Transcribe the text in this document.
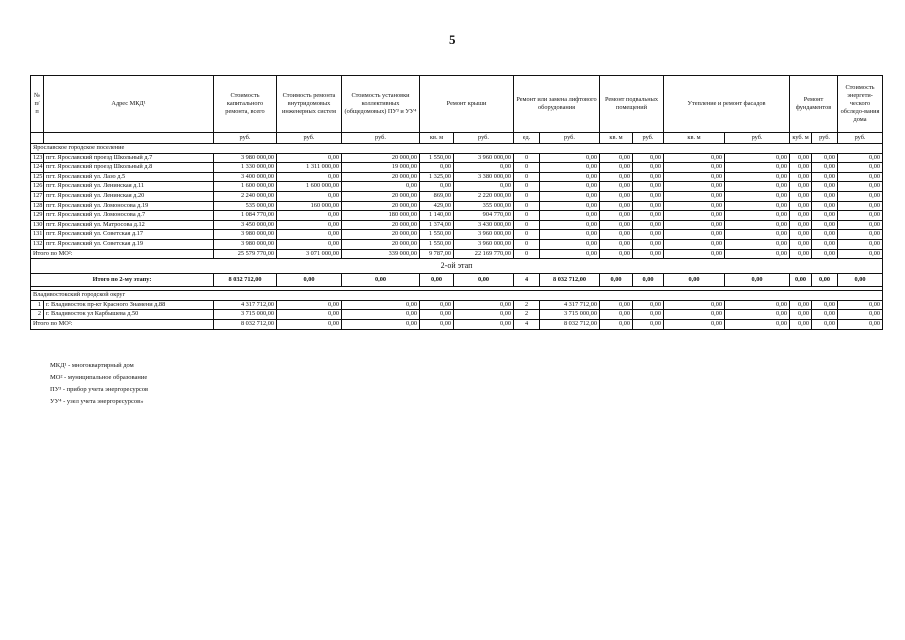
5
№ п/п	Адрес МКД¹	Стоимость капитального ремонта, всего	Стоимость ремонта внутридомовых инженерных систем	Стоимость установки коллективных (общедомовых) ПУ³ и УУ⁴	Ремонт крыши		Ремонт или замена лифтового оборудования		Ремонт подвальных помещений		Утепление и ремонт фасадов		Ремонт фундаментов		Стоимость энергети-ческого обследо-вания дома
		руб.	руб.	руб.	кв. м	руб.	ед.	руб.	кв. м	руб.	кв. м	руб.	куб. м	руб.	руб.
Ярославское городское поселение															
123	пгт. Ярославский проезд Школьный д.7	3 980 000,00	0,00	20 000,00	1 550,00	3 960 000,00	0	0,00	0,00	0,00	0,00	0,00	0,00	0,00	0,00
124	пгт. Ярославский проезд Школьный д.8	1 330 000,00	1 311 000,00	19 000,00	0,00	0,00	0	0,00	0,00	0,00	0,00	0,00	0,00	0,00	0,00
125	пгт. Ярославский ул. Лазо д.5	3 400 000,00	0,00	20 000,00	1 325,00	3 380 000,00	0	0,00	0,00	0,00	0,00	0,00	0,00	0,00	0,00
126	пгт. Ярославский ул. Ленинская д.11	1 600 000,00	1 600 000,00	0,00	0,00	0,00	0	0,00	0,00	0,00	0,00	0,00	0,00	0,00	0,00
127	пгт. Ярославский ул. Ленинская д.20	2 240 000,00	0,00	20 000,00	869,00	2 220 000,00	0	0,00	0,00	0,00	0,00	0,00	0,00	0,00	0,00
128	пгт. Ярославский ул. Ломоносова д.19	535 000,00	160 000,00	20 000,00	429,00	355 000,00	0	0,00	0,00	0,00	0,00	0,00	0,00	0,00	0,00
129	пгт. Ярославский ул. Ломоносова д.7	1 084 770,00	0,00	180 000,00	1 140,00	904 770,00	0	0,00	0,00	0,00	0,00	0,00	0,00	0,00	0,00
130	пгт. Ярославский ул. Матросова д.12	3 450 000,00	0,00	20 000,00	1 374,00	3 430 000,00	0	0,00	0,00	0,00	0,00	0,00	0,00	0,00	0,00
131	пгт. Ярославский ул. Советская д.17	3 980 000,00	0,00	20 000,00	1 550,00	3 960 000,00	0	0,00	0,00	0,00	0,00	0,00	0,00	0,00	0,00
132	пгт. Ярославский ул. Советская д.19	3 980 000,00	0,00	20 000,00	1 550,00	3 960 000,00	0	0,00	0,00	0,00	0,00	0,00	0,00	0,00	0,00
Итого по МО²:		25 579 770,00	3 071 000,00	339 000,00	9 787,00	22 169 770,00	0	0,00	0,00	0,00	0,00	0,00	0,00	0,00	0,00
2-ой этап															
Итого по 2-му этапу:		8 032 712,00	0,00	0,00	0,00	0,00	4	8 032 712,00	0,00	0,00	0,00	0,00	0,00	0,00	0,00

Владивостокский городской округ															
1	г. Владивосток пр-кт Красного Знамени д.88	4 317 712,00	0,00	0,00	0,00	0,00	2	4 317 712,00	0,00	0,00	0,00	0,00	0,00	0,00	0,00
2	г. Владивосток ул Карбышева д.50	3 715 000,00	0,00	0,00	0,00	0,00	2	3 715 000,00	0,00	0,00	0,00	0,00	0,00	0,00	0,00
Итого по МО²:		8 032 712,00	0,00	0,00	0,00	0,00	4	8 032 712,00	0,00	0,00	0,00	0,00	0,00	0,00	0,00
МКД¹ - многоквартирный дом
МО² - муниципальное образование
ПУ³ - прибор учета энергоресурсов
УУ⁴ - узел учета энергоресурсов»
